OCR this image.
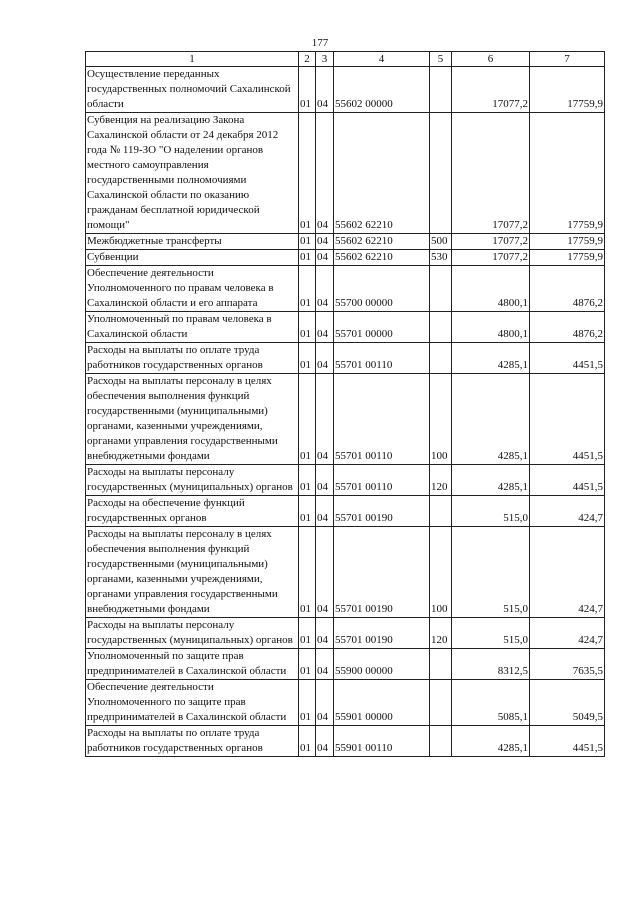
177
1	2	3	4	5	6	7
Осуществление переданных государственных полномочий Сахалинской области	01	04	55602 00000		17077,2	17759,9
Субвенция на реализацию Закона Сахалинской области от 24 декабря 2012 года № 119-ЗО "О наделении органов местного самоуправления государственными полномочиями Сахалинской области по оказанию гражданам бесплатной юридической помощи"	01	04	55602 62210		17077,2	17759,9
Межбюджетные трансферты	01	04	55602 62210	500	17077,2	17759,9
Субвенции	01	04	55602 62210	530	17077,2	17759,9
Обеспечение деятельности Уполномоченного по правам человека в Сахалинской области и его аппарата	01	04	55700 00000		4800,1	4876,2
Уполномоченный по правам человека в Сахалинской области	01	04	55701 00000		4800,1	4876,2
Расходы на выплаты по оплате труда работников государственных органов	01	04	55701 00110		4285,1	4451,5
Расходы на выплаты персоналу в целях обеспечения выполнения функций государственными (муниципальными) органами, казенными учреждениями, органами управления государственными внебюджетными фондами	01	04	55701 00110	100	4285,1	4451,5
Расходы на выплаты персоналу государственных (муниципальных) органов	01	04	55701 00110	120	4285,1	4451,5
Расходы на обеспечение функций государственных органов	01	04	55701 00190		515,0	424,7
Расходы на выплаты персоналу в целях обеспечения выполнения функций государственными (муниципальными) органами, казенными учреждениями, органами управления государственными внебюджетными фондами	01	04	55701 00190	100	515,0	424,7
Расходы на выплаты персоналу государственных (муниципальных) органов	01	04	55701 00190	120	515,0	424,7
Уполномоченный по защите прав предпринимателей в Сахалинской области	01	04	55900 00000		8312,5	7635,5
Обеспечение деятельности Уполномоченного по защите прав предпринимателей в Сахалинской области	01	04	55901 00000		5085,1	5049,5
Расходы на выплаты по оплате труда работников государственных органов	01	04	55901 00110		4285,1	4451,5
